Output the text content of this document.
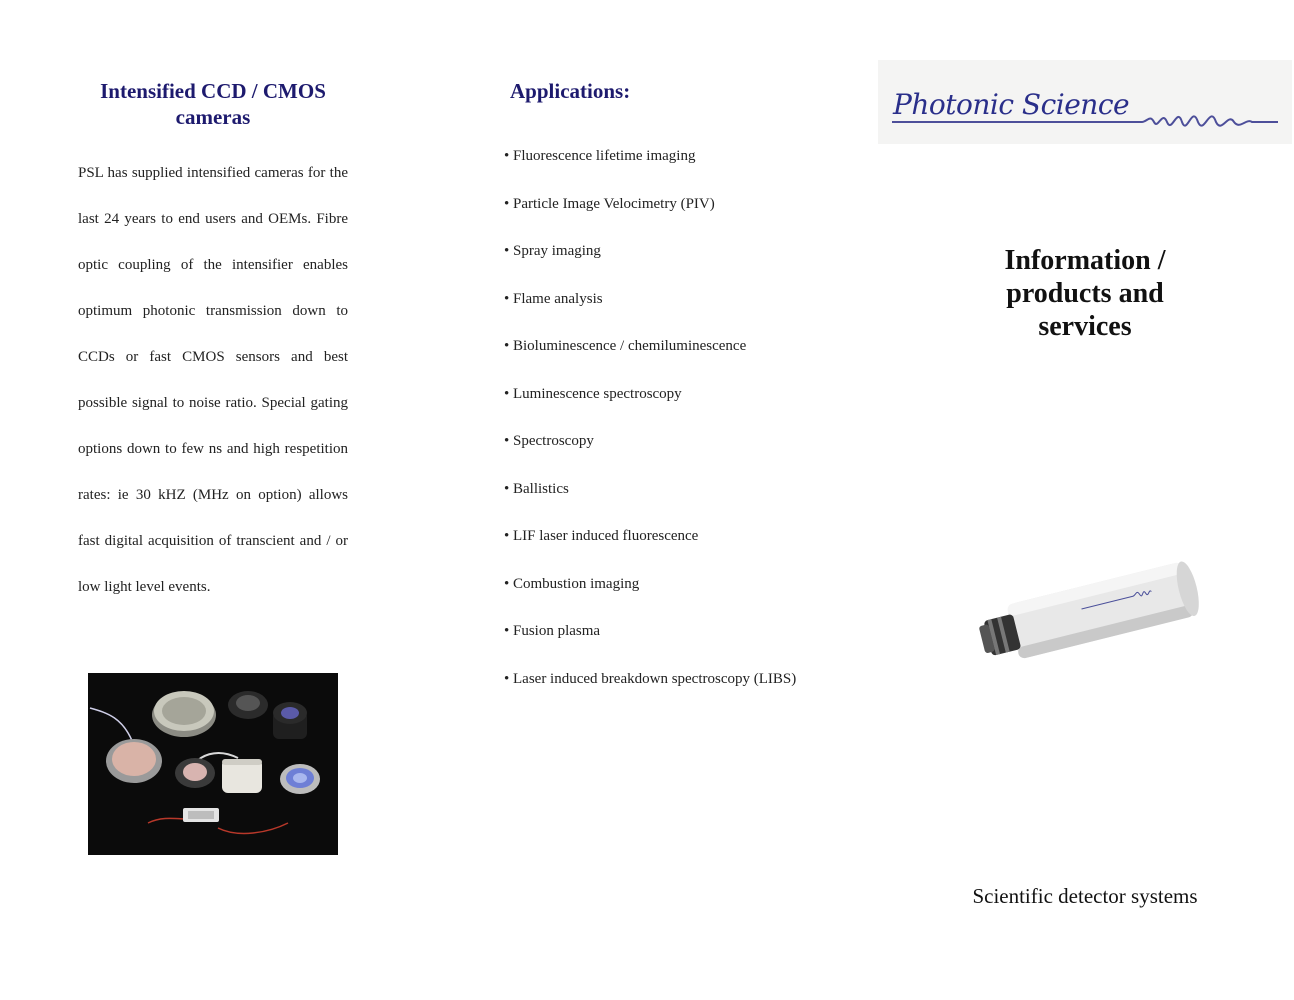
Intensified CCD / CMOS cameras

PSL has supplied intensified cameras for the last 24 years to end users and OEMs. Fibre optic coupling of the intensifier enables optimum photonic transmission down to CCDs or fast CMOS sensors and best possible signal to noise ratio. Special gating options down to few ns and high respetition rates: ie 30 kHZ (MHz on option) allows fast digital acquisition of transcient and / or low light level events.

Applications:
• Fluorescence lifetime imaging
• Particle Image Velocimetry (PIV)
• Spray imaging
• Flame analysis
• Bioluminescence / chemiluminescence
• Luminescence spectroscopy
• Spectroscopy
• Ballistics
• LIF laser induced fluorescence
• Combustion imaging
• Fusion plasma
• Laser induced breakdown spectroscopy (LIBS)
Photonic Science
Information / products and services
Scientific detector systems
